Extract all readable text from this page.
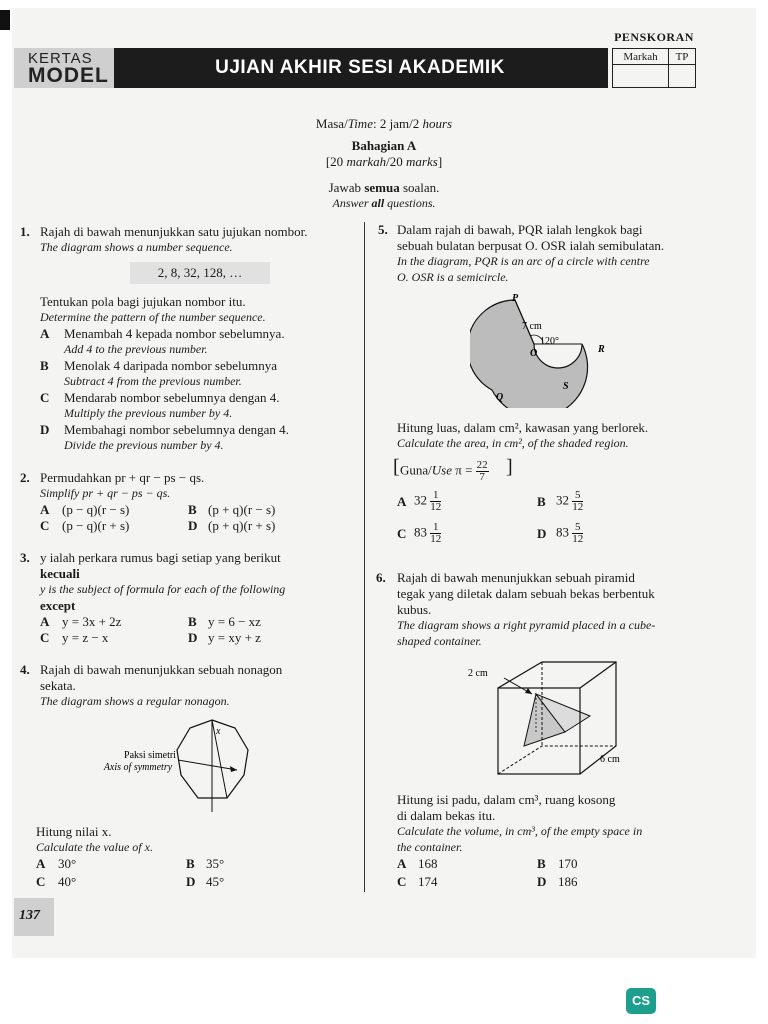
KERTAS
MODEL	UJIAN AKHIR SESI AKADEMIK
PENSKORAN
Markah	TP
Masa/Time: 2 jam/2 hours
Bahagian A
[20 markah/20 marks]
Jawab semua soalan.
Answer all questions.
1. Rajah di bawah menunjukkan satu jujukan nombor.
The diagram shows a number sequence.
2, 8, 32, 128, …
Tentukan pola bagi jujukan nombor itu.
Determine the pattern of the number sequence.
A Menambah 4 kepada nombor sebelumnya.
Add 4 to the previous number.
B Menolak 4 daripada nombor sebelumnya
Subtract 4 from the previous number.
C Mendarab nombor sebelumnya dengan 4.
Multiply the previous number by 4.
D Membahagi nombor sebelumnya dengan 4.
Divide the previous number by 4.
2. Permudahkan pr + qr − ps − qs.
Simplify pr + qr − ps − qs.
A (p − q)(r − s)	B (p + q)(r − s)
C (p − q)(r + s)	D (p + q)(r + s)
3. y ialah perkara rumus bagi setiap yang berikut
kecuali
y is the subject of formula for each of the following
except
A y = 3x + 2z	B y = 6 − xz
C y = z − x	D y = xy + z
4. Rajah di bawah menunjukkan sebuah nonagon
sekata.
The diagram shows a regular nonagon.
x
Paksi simetri
Axis of symmetry
Hitung nilai x.
Calculate the value of x.
A 30°	B 35°
C 40°	D 45°
5. Dalam rajah di bawah, PQR ialah lengkok bagi
sebuah bulatan berpusat O. OSR ialah semibulatan.
In the diagram, PQR is an arc of a circle with centre
O. OSR is a semicircle.
P
R
O
S
Q
7 cm
120°
Hitung luas, dalam cm², kawasan yang berlorek.
Calculate the area, in cm², of the shaded region.
[ Guna/Use $\pi = \frac{22}{7}$ ]
A $32 \frac{1}{12}$	B $32 \frac{5}{12}$
C $83 \frac{1}{12}$	D $83 \frac{5}{12}$
6. Rajah di bawah menunjukkan sebuah piramid
tegak yang diletak dalam sebuah bekas berbentuk
kubus.
The diagram shows a right pyramid placed in a cube-
shaped container.
2 cm
6 cm
Hitung isi padu, dalam cm³, ruang kosong
di dalam bekas itu.
Calculate the volume, in cm³, of the empty space in
the container.
A 168	B 170
C 174	D 186
137
CS
